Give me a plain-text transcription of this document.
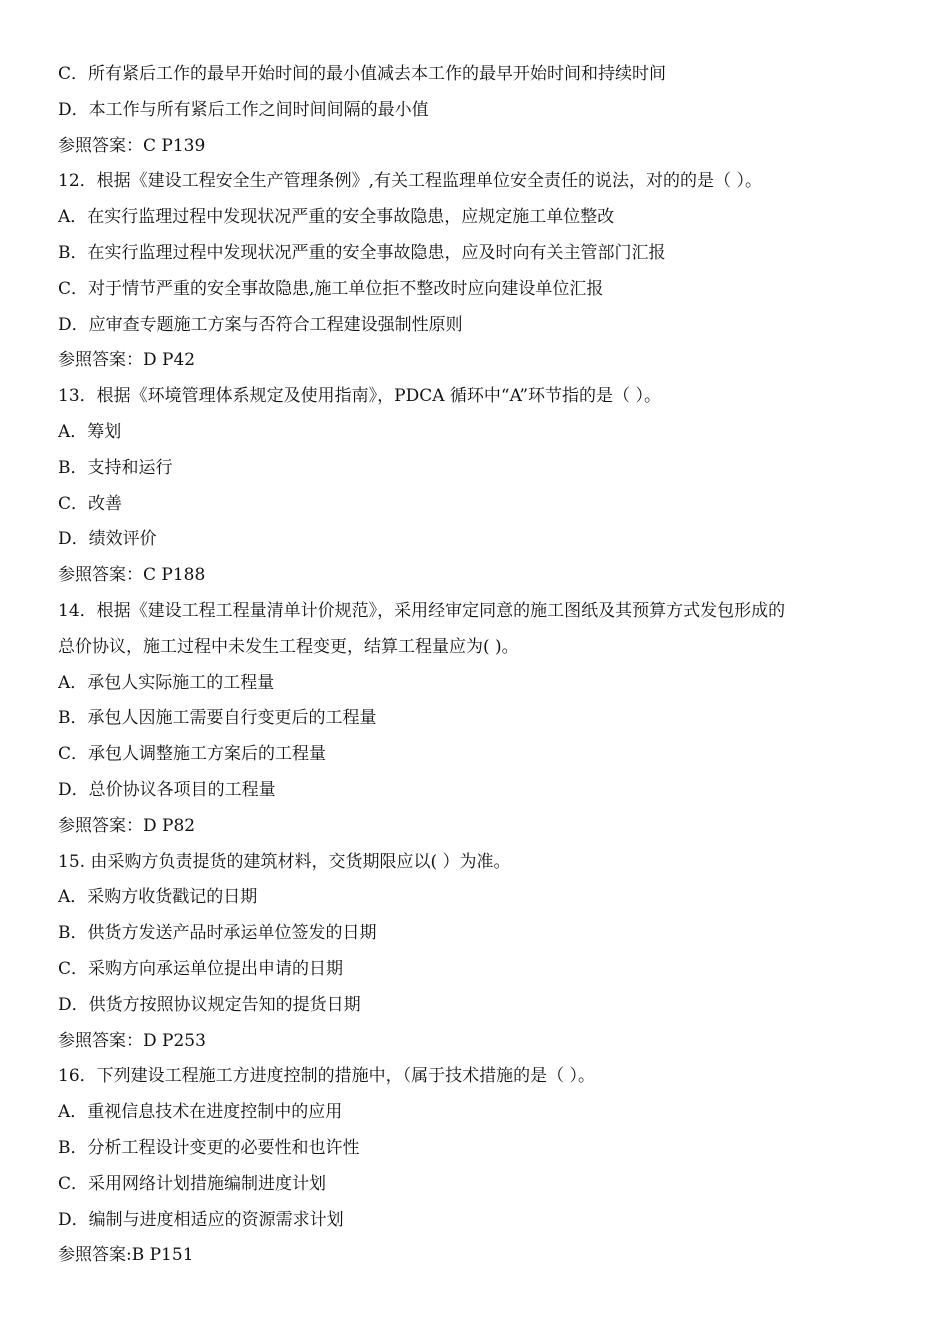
C．所有紧后工作的最早开始时间的最小值减去本工作的最早开始时间和持续时间
D．本工作与所有紧后工作之间时间间隔的最小值
参照答案：C P139
12．根据《建设工程安全生产管理条例》,有关工程监理单位安全责任的说法，对的的是（ ）。
A．在实行监理过程中发现状况严重的安全事故隐患，应规定施工单位整改
B．在实行监理过程中发现状况严重的安全事故隐患，应及时向有关主管部门汇报
C．对于情节严重的安全事故隐患,施工单位拒不整改时应向建设单位汇报
D．应审查专题施工方案与否符合工程建设强制性原则
参照答案：D P42
13．根据《环境管理体系规定及使用指南》，PDCA 循环中“A”环节指的是（ ）。
A．筹划
B．支持和运行
C．改善
D．绩效评价
参照答案：C P188
14．根据《建设工程工程量清单计价规范》，采用经审定同意的施工图纸及其预算方式发包形成的
总价协议，施工过程中未发生工程变更，结算工程量应为( )。
A．承包人实际施工的工程量
B．承包人因施工需要自行变更后的工程量
C．承包人调整施工方案后的工程量
D．总价协议各项目的工程量
参照答案：D P82
15. 由采购方负责提货的建筑材料，交货期限应以( ）为准。
A．采购方收货戳记的日期
B．供货方发送产品时承运单位签发的日期
C．采购方向承运单位提出申请的日期
D．供货方按照协议规定告知的提货日期
参照答案：D P253
16．下列建设工程施工方进度控制的措施中，（属于技术措施的是（ ）。
A．重视信息技术在进度控制中的应用
B．分析工程设计变更的必要性和也许性
C．采用网络计划措施编制进度计划
D．编制与进度相适应的资源需求计划
参照答案:B P151
